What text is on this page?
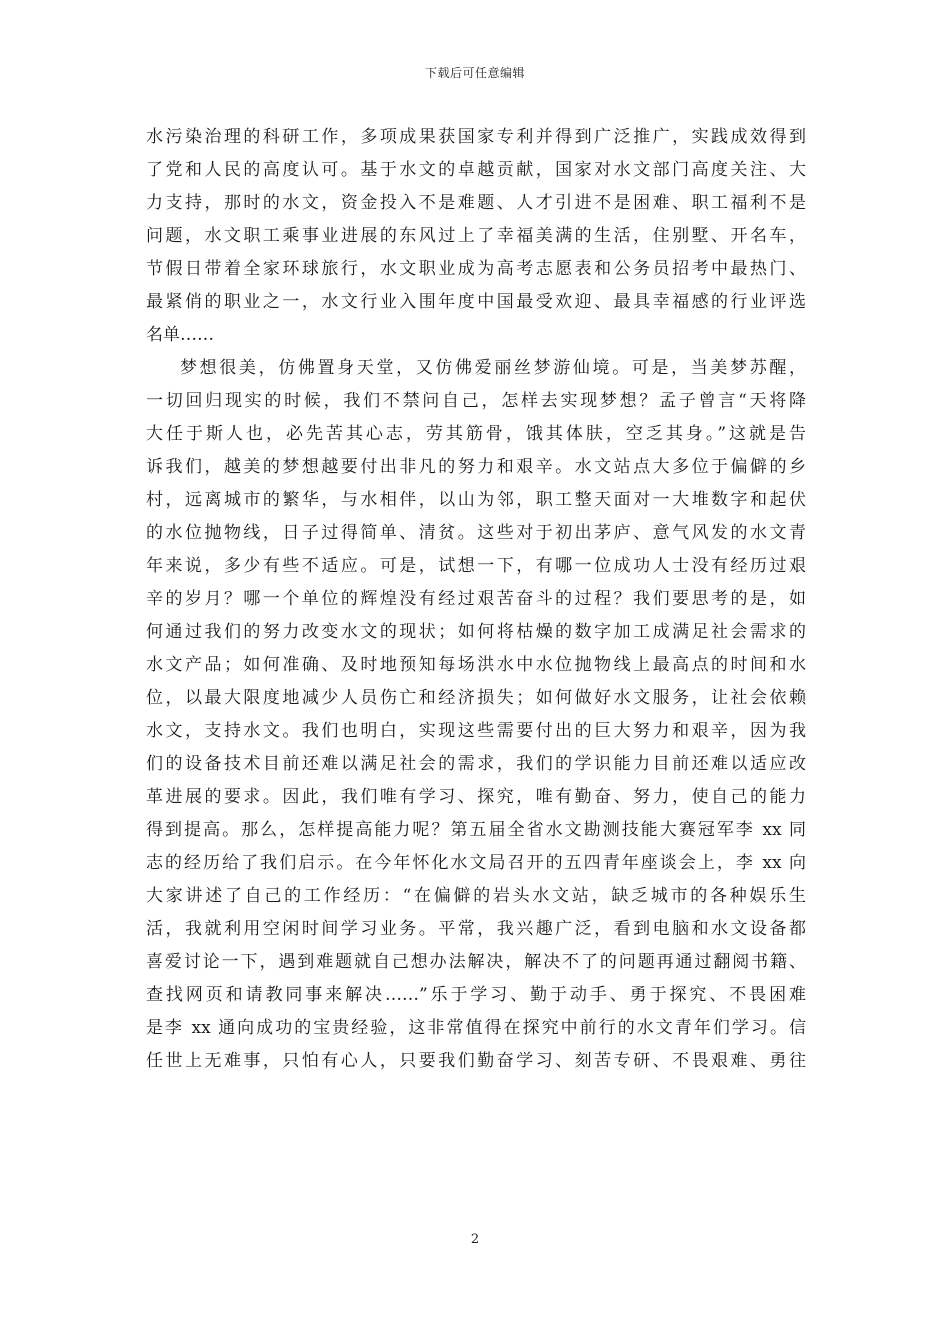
下载后可任意编辑
水污染治理的科研工作，多项成果获国家专利并得到广泛推广，实践成效得到
了党和人民的高度认可。基于水文的卓越贡献，国家对水文部门高度关注、大
力支持，那时的水文，资金投入不是难题、人才引进不是困难、职工福利不是
问题，水文职工乘事业进展的东风过上了幸福美满的生活，住别墅、开名车，
节假日带着全家环球旅行，水文职业成为高考志愿表和公务员招考中最热门、
最紧俏的职业之一，水文行业入围年度中国最受欢迎、最具幸福感的行业评选
名单……
梦想很美，仿佛置身天堂，又仿佛爱丽丝梦游仙境。可是，当美梦苏醒，
一切回归现实的时候，我们不禁问自己，怎样去实现梦想？孟子曾言“天将降
大任于斯人也，必先苦其心志，劳其筋骨，饿其体肤，空乏其身。”这就是告
诉我们，越美的梦想越要付出非凡的努力和艰辛。水文站点大多位于偏僻的乡
村，远离城市的繁华，与水相伴，以山为邻，职工整天面对一大堆数字和起伏
的水位抛物线，日子过得简单、清贫。这些对于初出茅庐、意气风发的水文青
年来说，多少有些不适应。可是，试想一下，有哪一位成功人士没有经历过艰
辛的岁月？哪一个单位的辉煌没有经过艰苦奋斗的过程？我们要思考的是，如
何通过我们的努力改变水文的现状；如何将枯燥的数字加工成满足社会需求的
水文产品；如何准确、及时地预知每场洪水中水位抛物线上最高点的时间和水
位，以最大限度地减少人员伤亡和经济损失；如何做好水文服务，让社会依赖
水文，支持水文。我们也明白，实现这些需要付出的巨大努力和艰辛，因为我
们的设备技术目前还难以满足社会的需求，我们的学识能力目前还难以适应改
革进展的要求。因此，我们唯有学习、探究，唯有勤奋、努力，使自己的能力
得到提高。那么，怎样提高能力呢？第五届全省水文勘测技能大赛冠军李 xx 同
志的经历给了我们启示。在今年怀化水文局召开的五四青年座谈会上，李 xx 向
大家讲述了自己的工作经历：“在偏僻的岩头水文站，缺乏城市的各种娱乐生
活，我就利用空闲时间学习业务。平常，我兴趣广泛，看到电脑和水文设备都
喜爱讨论一下，遇到难题就自己想办法解决，解决不了的问题再通过翻阅书籍、
查找网页和请教同事来解决……”乐于学习、勤于动手、勇于探究、不畏困难
是李 xx 通向成功的宝贵经验，这非常值得在探究中前行的水文青年们学习。信
任世上无难事，只怕有心人，只要我们勤奋学习、刻苦专研、不畏艰难、勇往
2
